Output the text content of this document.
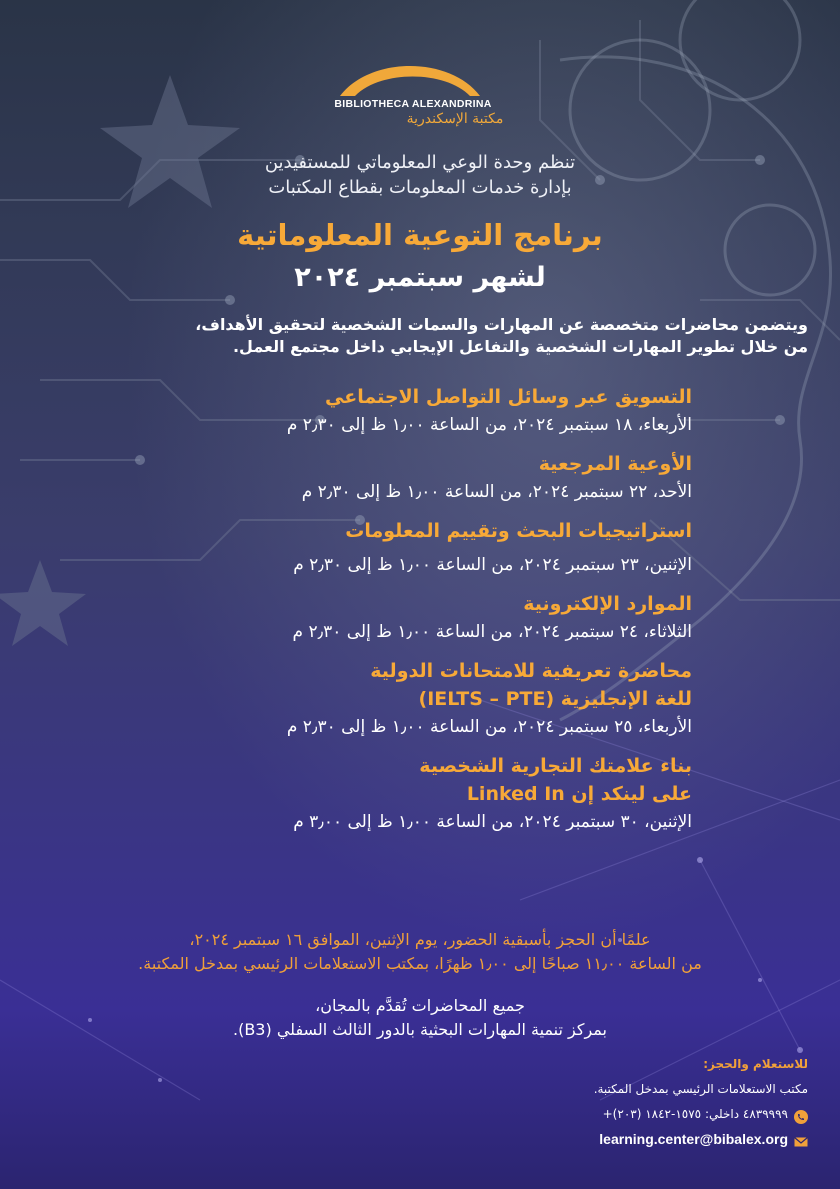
BIBLIOTHECA ALEXANDRINA
مكتبة الإسكندرية
تنظم وحدة الوعي المعلوماتي للمستفيدين
بإدارة خدمات المعلومات بقطاع المكتبات
برنامج التوعية المعلوماتية
لشهر سبتمبر ٢٠٢٤
ويتضمن محاضرات متخصصة عن المهارات والسمات الشخصية لتحقيق الأهداف،
من خلال تطوير المهارات الشخصية والتفاعل الإيجابي داخل مجتمع العمل.
التسويق عبر وسائل التواصل الاجتماعي
الأربعاء، ١٨ سبتمبر ٢٠٢٤، من الساعة ١٫٠٠ ظ إلى ٢٫٣٠ م
الأوعية المرجعية
الأحد، ٢٢ سبتمبر ٢٠٢٤، من الساعة ١٫٠٠ ظ إلى ٢٫٣٠ م
استراتيجيات البحث وتقييم المعلومات
الإثنين، ٢٣ سبتمبر ٢٠٢٤، من الساعة ١٫٠٠ ظ إلى ٢٫٣٠ م
الموارد الإلكترونية
الثلاثاء، ٢٤ سبتمبر ٢٠٢٤، من الساعة ١٫٠٠ ظ إلى ٢٫٣٠ م
محاضرة تعريفية للامتحانات الدولية
للغة الإنجليزية (IELTS – PTE)
الأربعاء، ٢٥ سبتمبر ٢٠٢٤، من الساعة ١٫٠٠ ظ إلى ٢٫٣٠ م
بناء علامتك التجارية الشخصية
على لينكد إن Linked In
الإثنين، ٣٠ سبتمبر ٢٠٢٤، من الساعة ١٫٠٠ ظ إلى ٣٫٠٠ م
علمًا أن الحجز بأسبقية الحضور، يوم الإثنين، الموافق ١٦ سبتمبر ٢٠٢٤،
من الساعة ١١٫٠٠ صباحًا إلى ١٫٠٠ ظهرًا، بمكتب الاستعلامات الرئيسي بمدخل المكتبة.
جميع المحاضرات تُقدَّم بالمجان،
بمركز تنمية المهارات البحثية بالدور الثالث السفلي (B3).
للاستعلام والحجز:
مكتب الاستعلامات الرئيسي بمدخل المكتبة.
+(٢٠٣) ٤٨٣٩٩٩٩ داخلي: ١٥٧٥-١٨٤٢
learning.center@bibalex.org
